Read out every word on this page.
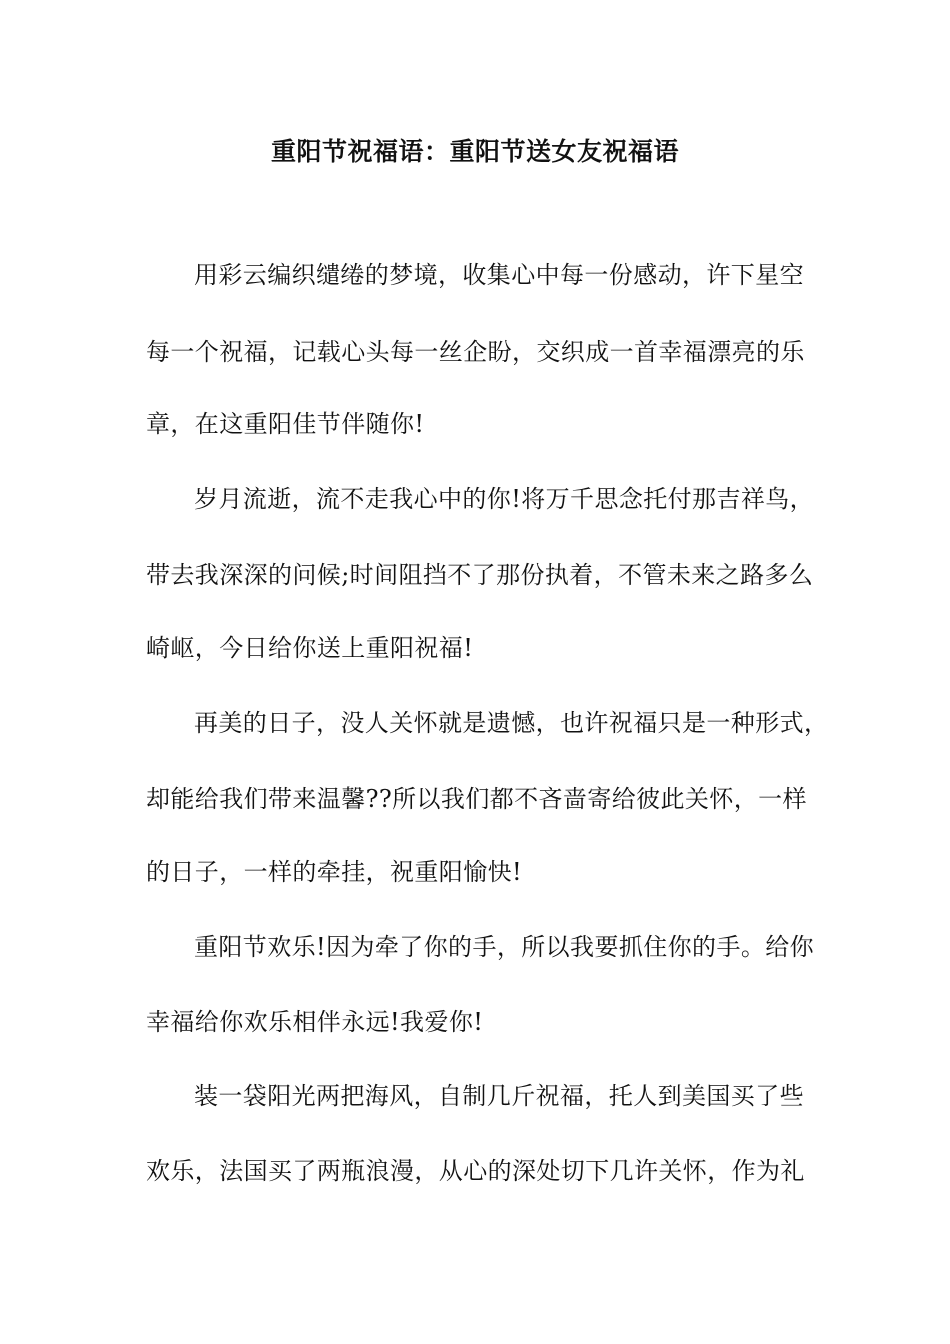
重阳节祝福语：重阳节送女友祝福语
用彩云编织缱绻的梦境，收集心中每一份感动，许下星空
每一个祝福，记载心头每一丝企盼，交织成一首幸福漂亮的乐
章，在这重阳佳节伴随你!
岁月流逝，流不走我心中的你!将万千思念托付那吉祥鸟，
带去我深深的问候;时间阻挡不了那份执着，不管未来之路多么
崎岖，今日给你送上重阳祝福!
再美的日子，没人关怀就是遗憾，也许祝福只是一种形式，
却能给我们带来温馨??所以我们都不吝啬寄给彼此关怀，一样
的日子，一样的牵挂，祝重阳愉快!
重阳节欢乐!因为牵了你的手，所以我要抓住你的手。给你
幸福给你欢乐相伴永远!我爱你!
装一袋阳光两把海风，自制几斤祝福，托人到美国买了些
欢乐，法国买了两瓶浪漫，从心的深处切下几许关怀，作为礼
